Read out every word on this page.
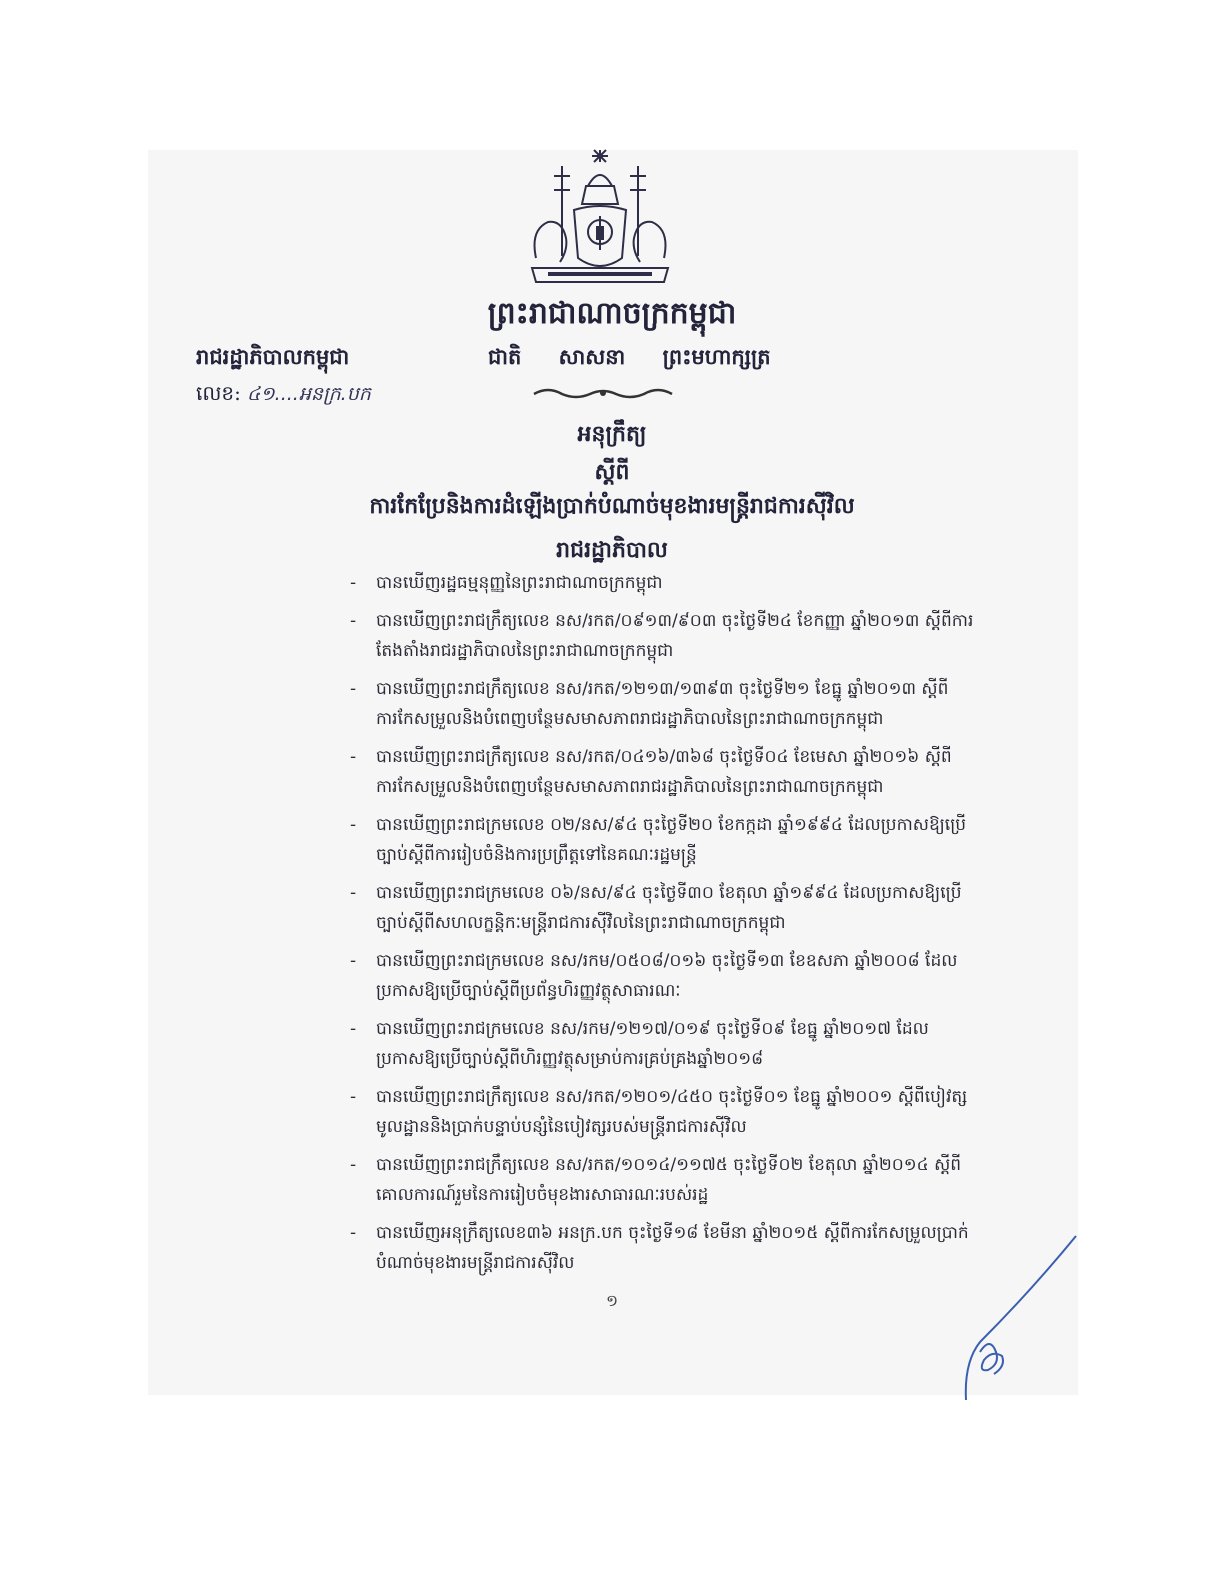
ព្រះរាជាណាចក្រកម្ពុជា
ជាតិ សាសនា ព្រះមហាក្សត្រ
រាជរដ្ឋាភិបាលកម្ពុជា
លេខ: ៤១....អនក្រ.បក
អនុក្រឹត្យ
ស្តីពី
ការកែប្រែនិងការដំឡើងប្រាក់បំណាច់មុខងារមន្ត្រីរាជការស៊ីវិល
រាជរដ្ឋាភិបាល
- បានឃើញរដ្ឋធម្មនុញ្ញនៃព្រះរាជាណាចក្រកម្ពុជា
- បានឃើញព្រះរាជក្រឹត្យលេខ នស/រកត/០៩១៣/៩០៣ ចុះថ្ងៃទី២៤ ខែកញ្ញា ឆ្នាំ២០១៣ ស្តីពីការតែងតាំងរាជរដ្ឋាភិបាលនៃព្រះរាជាណាចក្រកម្ពុជា
- បានឃើញព្រះរាជក្រឹត្យលេខ នស/រកត/១២១៣/១៣៩៣ ចុះថ្ងៃទី២១ ខែធ្នូ ឆ្នាំ២០១៣ ស្តីពីការកែសម្រួលនិងបំពេញបន្ថែមសមាសភាពរាជរដ្ឋាភិបាលនៃព្រះរាជាណាចក្រកម្ពុជា
- បានឃើញព្រះរាជក្រឹត្យលេខ នស/រកត/០៤១៦/៣៦៨ ចុះថ្ងៃទី០៤ ខែមេសា ឆ្នាំ២០១៦ ស្តីពីការកែសម្រួលនិងបំពេញបន្ថែមសមាសភាពរាជរដ្ឋាភិបាលនៃព្រះរាជាណាចក្រកម្ពុជា
- បានឃើញព្រះរាជក្រមលេខ ០២/នស/៩៤ ចុះថ្ងៃទី២០ ខែកក្កដា ឆ្នាំ១៩៩៤ ដែលប្រកាសឱ្យប្រើច្បាប់ស្តីពីការរៀបចំនិងការប្រព្រឹត្តទៅនៃគណៈរដ្ឋមន្ត្រី
- បានឃើញព្រះរាជក្រមលេខ ០៦/នស/៩៤ ចុះថ្ងៃទី៣០ ខែតុលា ឆ្នាំ១៩៩៤ ដែលប្រកាសឱ្យប្រើច្បាប់ស្តីពីសហលក្ខន្តិកៈមន្ត្រីរាជការស៊ីវិលនៃព្រះរាជាណាចក្រកម្ពុជា
- បានឃើញព្រះរាជក្រមលេខ នស/រកម/០៥០៨/០១៦ ចុះថ្ងៃទី១៣ ខែឧសភា ឆ្នាំ២០០៨ ដែលប្រកាសឱ្យប្រើច្បាប់ស្តីពីប្រព័ន្ធហិរញ្ញវត្ថុសាធារណៈ
- បានឃើញព្រះរាជក្រមលេខ នស/រកម/១២១៧/០១៩ ចុះថ្ងៃទី០៩ ខែធ្នូ ឆ្នាំ២០១៧ ដែលប្រកាសឱ្យប្រើច្បាប់ស្តីពីហិរញ្ញវត្ថុសម្រាប់ការគ្រប់គ្រងឆ្នាំ២០១៨
- បានឃើញព្រះរាជក្រឹត្យលេខ នស/រកត/១២០១/៤៥០ ចុះថ្ងៃទី០១ ខែធ្នូ ឆ្នាំ២០០១ ស្តីពីបៀវត្សមូលដ្ឋាននិងប្រាក់បន្ទាប់បន្សំនៃបៀវត្សរបស់មន្ត្រីរាជការស៊ីវិល
- បានឃើញព្រះរាជក្រឹត្យលេខ នស/រកត/១០១៤/១១៧៥ ចុះថ្ងៃទី០២ ខែតុលា ឆ្នាំ២០១៤ ស្តីពីគោលការណ៍រួមនៃការរៀបចំមុខងារសាធារណៈរបស់រដ្ឋ
- បានឃើញអនុក្រឹត្យលេខ៣៦ អនក្រ.បក ចុះថ្ងៃទី១៨ ខែមីនា ឆ្នាំ២០១៥ ស្តីពីការកែសម្រួលប្រាក់បំណាច់មុខងារមន្ត្រីរាជការស៊ីវិល
១
